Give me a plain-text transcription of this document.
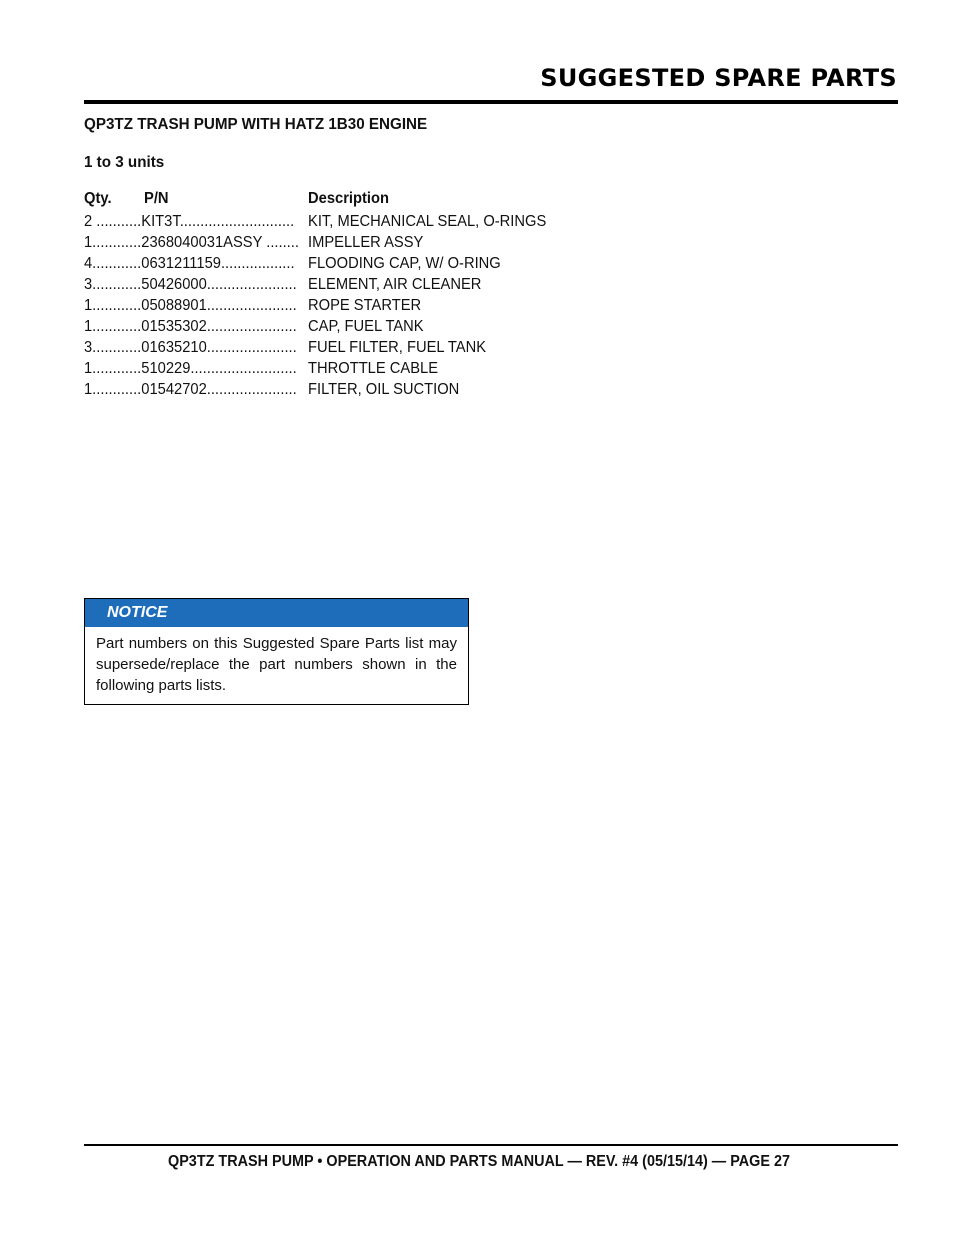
SUGGESTED SPARE PARTS
QP3TZ TRASH PUMP WITH HATZ 1B30 ENGINE
1 to 3 units
Qty. P/N	Description
2 ...........KIT3T............................ KIT, MECHANICAL SEAL, O-RINGS
1............2368040031ASSY ........ IMPELLER ASSY
4............0631211159.................. FLOODING CAP, W/ O-RING
3............50426000...................... ELEMENT, AIR CLEANER
1............05088901...................... ROPE STARTER
1............01535302...................... CAP, FUEL TANK
3............01635210...................... FUEL FILTER, FUEL TANK
1............510229.......................... THROTTLE CABLE
1............01542702...................... FILTER, OIL SUCTION
NOTICE
Part numbers on this Suggested Spare Parts list may supersede/replace the part numbers shown in the following parts lists.
QP3TZ TRASH PUMP • OPERATION AND PARTS MANUAL — REV. #4 (05/15/14) — PAGE 27
